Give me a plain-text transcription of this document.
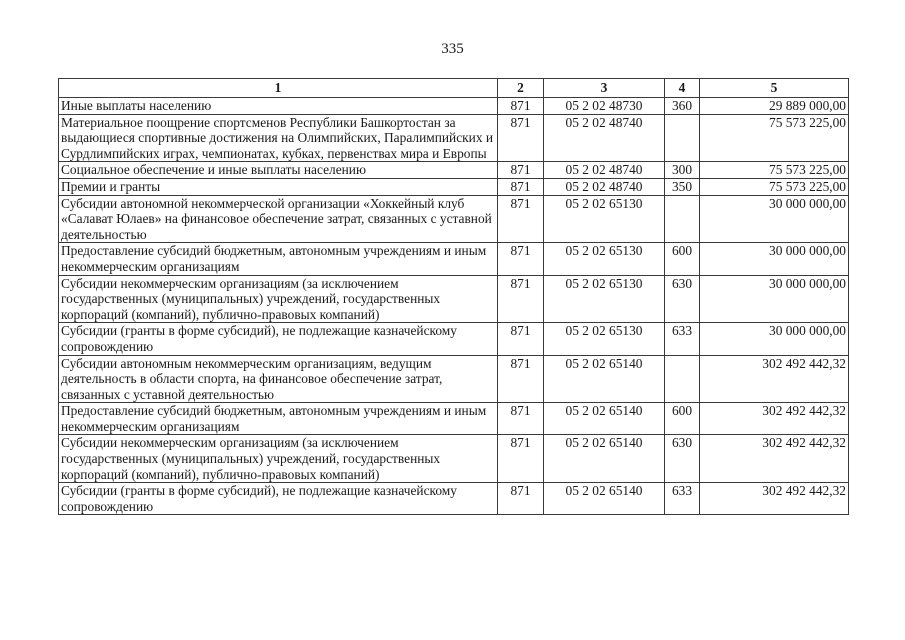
335
1	2	3	4	5
Иные выплаты населению	871	05 2 02 48730	360	29 889 000,00
Материальное поощрение спортсменов Республики Башкортостан за выдающиеся спортивные достижения на Олимпийских, Паралимпийских и Сурдлимпийских играх, чемпионатах, кубках, первенствах мира и Европы	871	05 2 02 48740		75 573 225,00
Социальное обеспечение и иные выплаты населению	871	05 2 02 48740	300	75 573 225,00
Премии и гранты	871	05 2 02 48740	350	75 573 225,00
Субсидии автономной некоммерческой организации «Хоккейный клуб «Салават Юлаев» на финансовое обеспечение затрат, связанных с уставной деятельностью	871	05 2 02 65130		30 000 000,00
Предоставление субсидий бюджетным, автономным учреждениям и иным некоммерческим организациям	871	05 2 02 65130	600	30 000 000,00
Субсидии некоммерческим организациям (за исключением государственных (муниципальных) учреждений, государственных корпораций (компаний), публично-правовых компаний)	871	05 2 02 65130	630	30 000 000,00
Субсидии (гранты в форме субсидий), не подлежащие казначейскому сопровождению	871	05 2 02 65130	633	30 000 000,00
Субсидии автономным некоммерческим организациям, ведущим деятельность в области спорта, на финансовое обеспечение затрат, связанных с уставной деятельностью	871	05 2 02 65140		302 492 442,32
Предоставление субсидий бюджетным, автономным учреждениям и иным некоммерческим организациям	871	05 2 02 65140	600	302 492 442,32
Субсидии некоммерческим организациям (за исключением государственных (муниципальных) учреждений, государственных корпораций (компаний), публично-правовых компаний)	871	05 2 02 65140	630	302 492 442,32
Субсидии (гранты в форме субсидий), не подлежащие казначейскому сопровождению	871	05 2 02 65140	633	302 492 442,32
